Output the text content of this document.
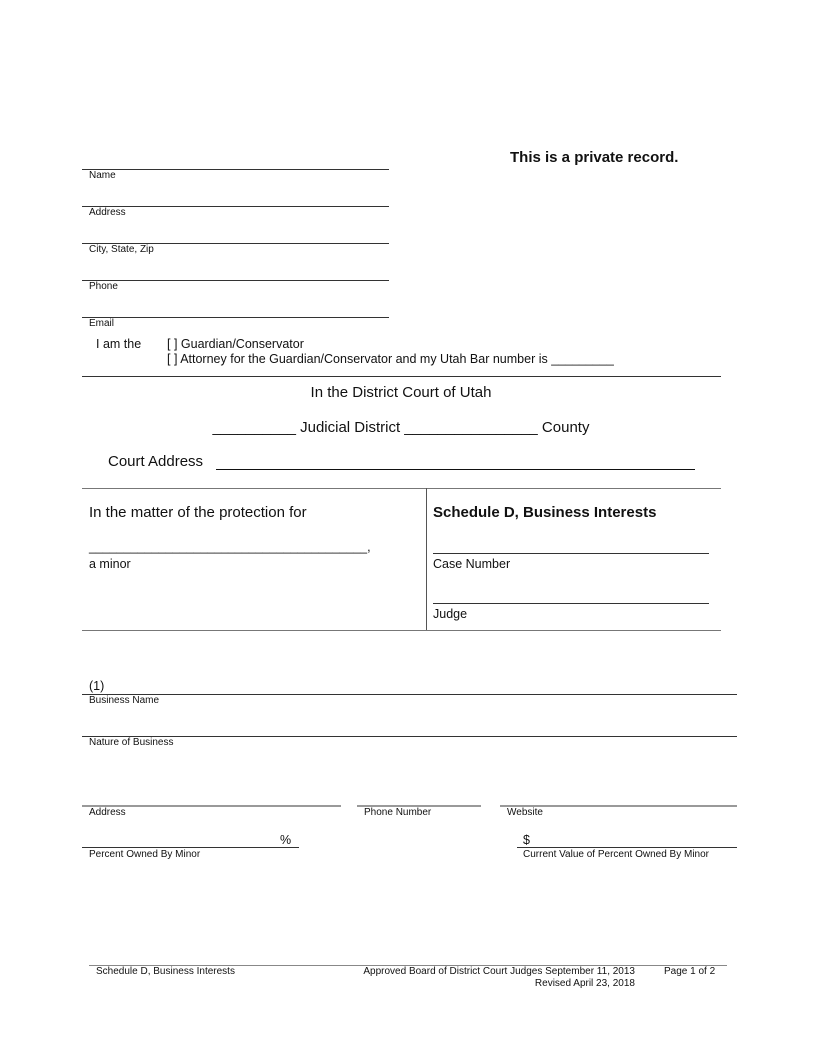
This is a private record.
Name
Address
City, State, Zip
Phone
Email
I am the [ ] Guardian/Conservator
[ ] Attorney for the Guardian/Conservator and my Utah Bar number is _________
In the District Court of Utah
__________ Judicial District ________________ County
Court Address
In the matter of the protection for
________________________________________,
a minor
Schedule D, Business Interests
Case Number
Judge
(1)
Business Name
Nature of Business
Address	Phone Number	Website
%
Percent Owned By Minor
$
Current Value of Percent Owned By Minor
Schedule D, Business Interests	Approved Board of District Court Judges September 11, 2013
Revised April 23, 2018
Page 1 of 2
